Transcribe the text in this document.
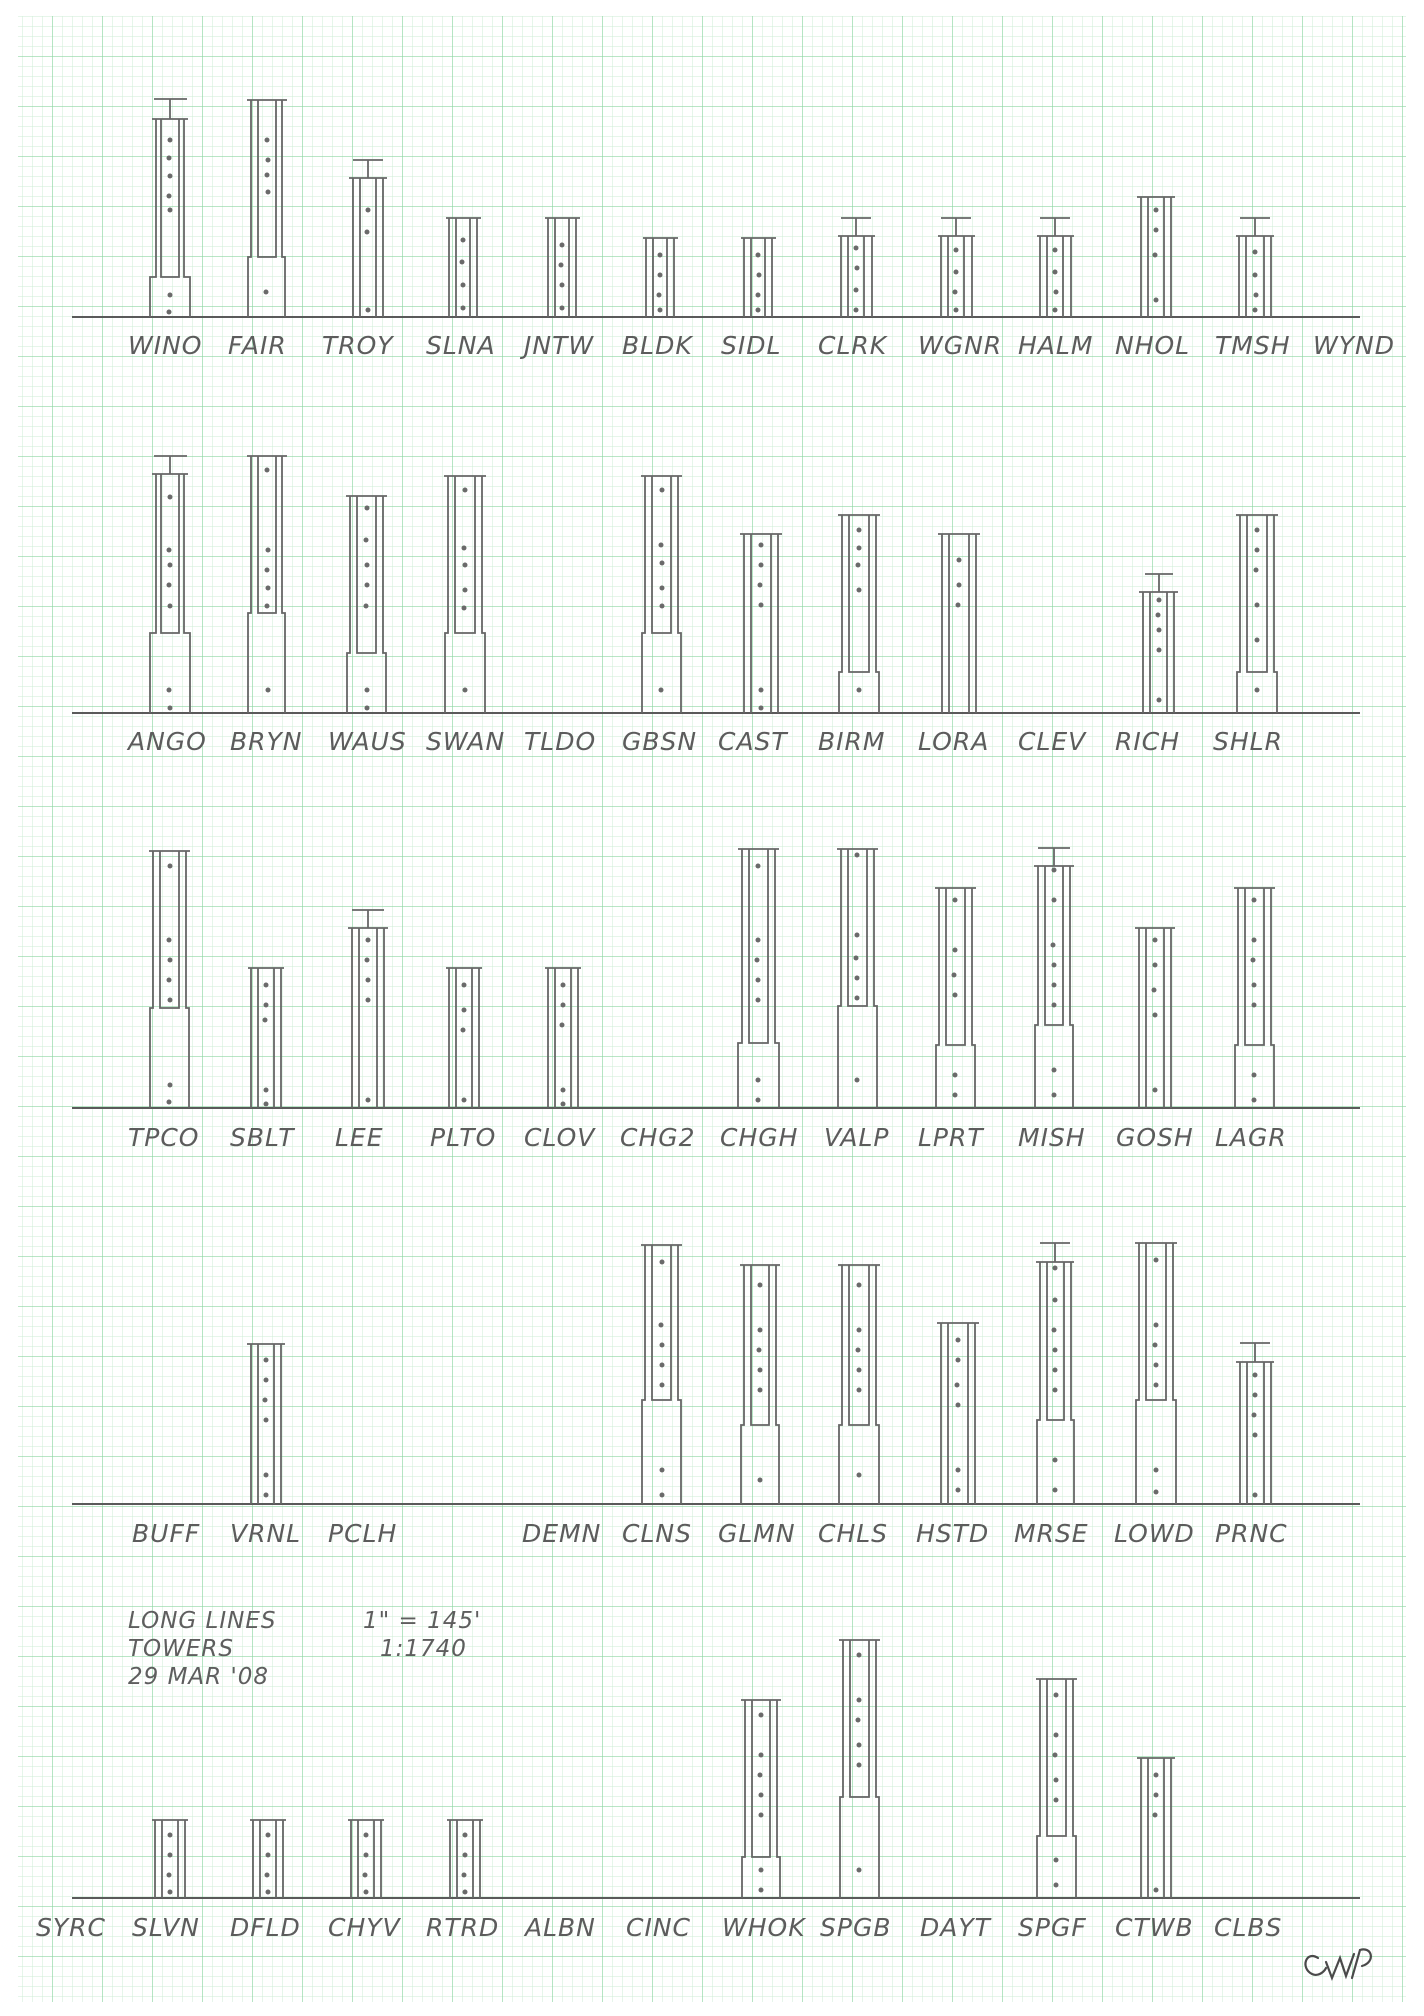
WINO FAIR TROY SLNA JNTW BLDK SIDL CLRK WGNR HALM NHOL TMSH WYND
ANGO BRYN WAUS SWAN TLDO GBSN CAST BIRM LORA CLEV RICH SHLR
TPCO SBLT LEE PLTO CLOV CHG2 CHGH VALP LPRT MISH GOSH LAGR
BUFF VRNL PCLH	DEMN CLNS GLMN CHLS HSTD MRSE LOWD PRNC
LONG LINES
TOWERS
29 MAR '08
1" = 145'
1:1740
SYRC SLVN DFLD CHYV RTRD ALBN CINC WHOK SPGB DAYT SPGF CTWB CLBS
